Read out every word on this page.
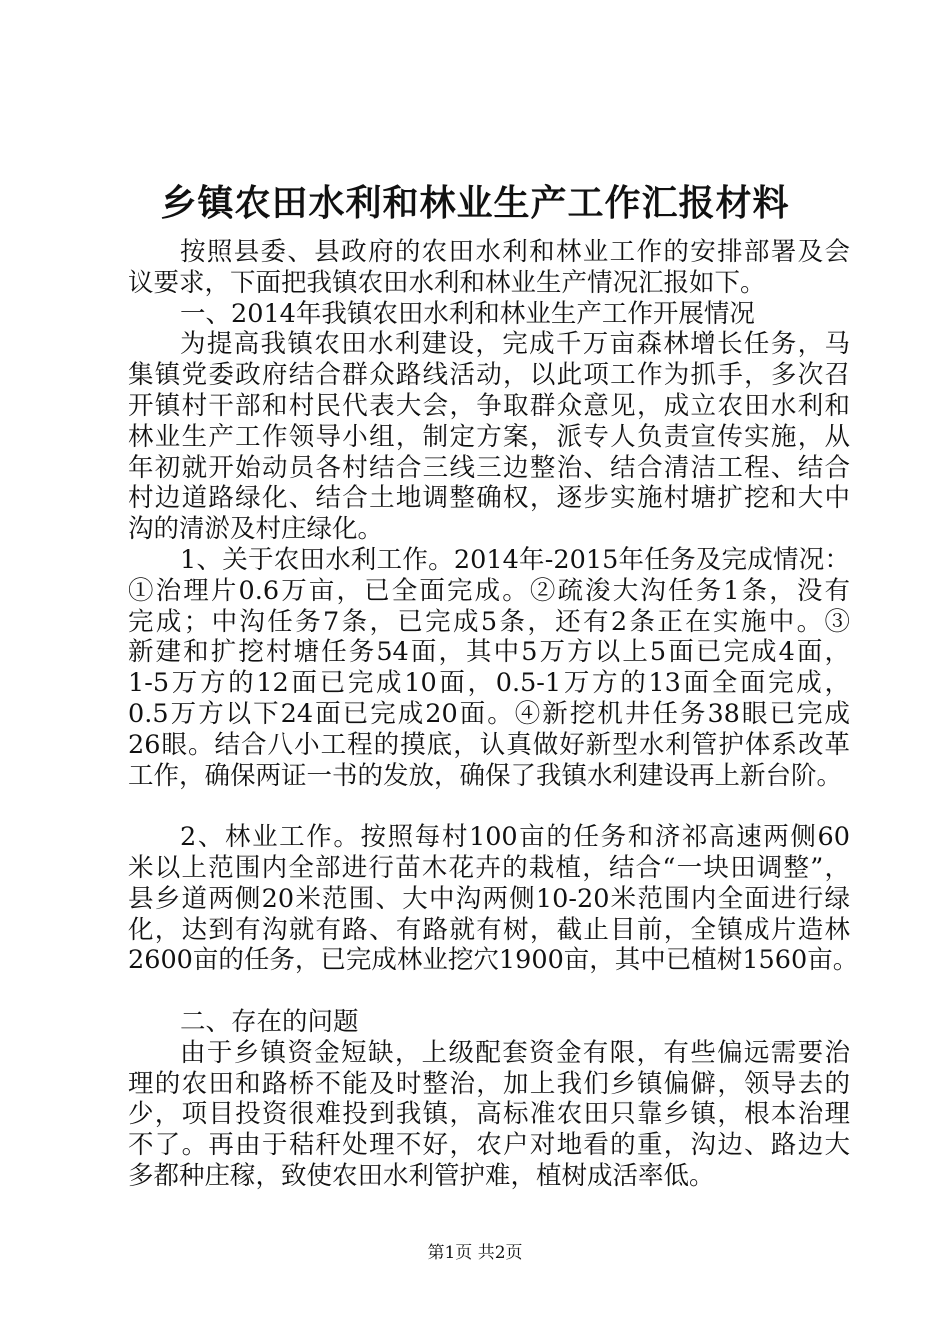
乡镇农田水利和林业生产工作汇报材料
按照县委、县政府的农田水利和林业工作的安排部署及会
议要求，下面把我镇农田水利和林业生产情况汇报如下。
一、2014年我镇农田水利和林业生产工作开展情况
为提高我镇农田水利建设，完成千万亩森林增长任务，马
集镇党委政府结合群众路线活动，以此项工作为抓手，多次召
开镇村干部和村民代表大会，争取群众意见，成立农田水利和
林业生产工作领导小组，制定方案，派专人负责宣传实施，从
年初就开始动员各村结合三线三边整治、结合清洁工程、结合
村边道路绿化、结合土地调整确权，逐步实施村塘扩挖和大中
沟的清淤及村庄绿化。
1、关于农田水利工作。2014年-2015年任务及完成情况：
①治理片0.6万亩，已全面完成。②疏浚大沟任务1条，没有
完成；中沟任务7条，已完成5条，还有2条正在实施中。③
新建和扩挖村塘任务54面，其中5万方以上5面已完成4面，
1-5万方的12面已完成10面，0.5-1万方的13面全面完成，
0.5万方以下24面已完成20面。④新挖机井任务38眼已完成
26眼。结合八小工程的摸底，认真做好新型水利管护体系改革
工作，确保两证一书的发放，确保了我镇水利建设再上新台阶。
2、林业工作。按照每村100亩的任务和济祁高速两侧60
米以上范围内全部进行苗木花卉的栽植，结合“一块田调整”，
县乡道两侧20米范围、大中沟两侧10-20米范围内全面进行绿
化，达到有沟就有路、有路就有树，截止目前，全镇成片造林
2600亩的任务，已完成林业挖穴1900亩，其中已植树1560亩。
二、存在的问题
由于乡镇资金短缺，上级配套资金有限，有些偏远需要治
理的农田和路桥不能及时整治，加上我们乡镇偏僻，领导去的
少，项目投资很难投到我镇，高标准农田只靠乡镇，根本治理
不了。再由于秸秆处理不好，农户对地看的重，沟边、路边大
多都种庄稼，致使农田水利管护难，植树成活率低。
第1页 共2页
